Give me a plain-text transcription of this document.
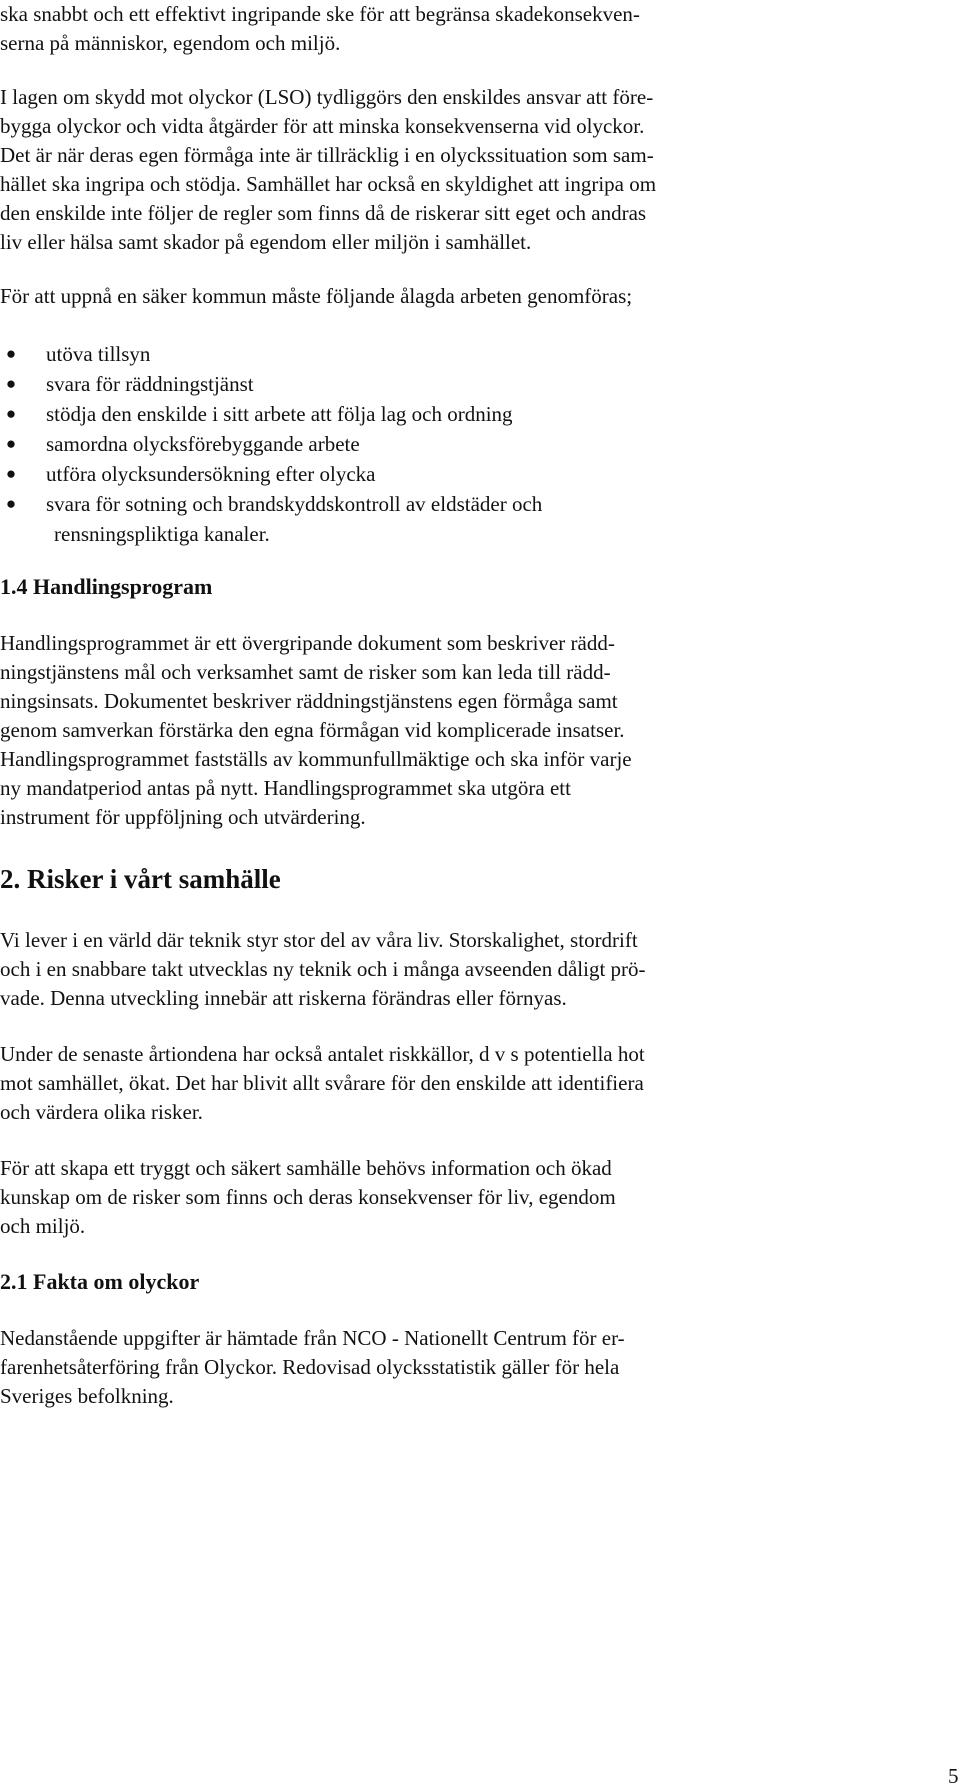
ska snabbt och ett effektivt ingripande ske för att begränsa skadekonsekven-

serna på människor, egendom och miljö.

I lagen om skydd mot olyckor (LSO) tydliggörs den enskildes ansvar att före-

bygga olyckor och vidta åtgärder för att minska konsekvenserna vid olyckor.

Det är när deras egen förmåga inte är tillräcklig i en olyckssituation som sam-

hället ska ingripa och stödja. Samhället har också en skyldighet att ingripa om

den enskilde inte följer de regler som finns då de riskerar sitt eget och andras

liv eller hälsa samt skador på egendom eller miljön i samhället.

För att uppnå en säker kommun måste följande ålagda arbeten genomföras;

● utöva tillsyn

● svara för räddningstjänst

● stödja den enskilde i sitt arbete att följa lag och ordning

● samordna olycksförebyggande arbete

● utföra olycksundersökning efter olycka

● svara för sotning och brandskyddskontroll av eldstäder och

rensningspliktiga kanaler.

1.4 Handlingsprogram

Handlingsprogrammet är ett övergripande dokument som beskriver rädd-

ningstjänstens mål och verksamhet samt de risker som kan leda till rädd-

ningsinsats. Dokumentet beskriver räddningstjänstens egen förmåga samt

genom samverkan förstärka den egna förmågan vid komplicerade insatser.

Handlingsprogrammet fastställs av kommunfullmäktige och ska inför varje

ny mandatperiod antas på nytt. Handlingsprogrammet ska utgöra ett

instrument för uppföljning och utvärdering.

2. Risker i vårt samhälle

Vi lever i en värld där teknik styr stor del av våra liv. Storskalighet, stordrift

och i en snabbare takt utvecklas ny teknik och i många avseenden dåligt prö-

vade. Denna utveckling innebär att riskerna förändras eller förnyas.

Under de senaste årtiondena har också antalet riskkällor, d v s potentiella hot

mot samhället, ökat. Det har blivit allt svårare för den enskilde att identifiera

och värdera olika risker.

För att skapa ett tryggt och säkert samhälle behövs information och ökad

kunskap om de risker som finns och deras konsekvenser för liv, egendom

och miljö.

2.1 Fakta om olyckor

Nedanstående uppgifter är hämtade från NCO - Nationellt Centrum för er-

farenhetsåterföring från Olyckor. Redovisad olycksstatistik gäller för hela

Sveriges befolkning.

5
